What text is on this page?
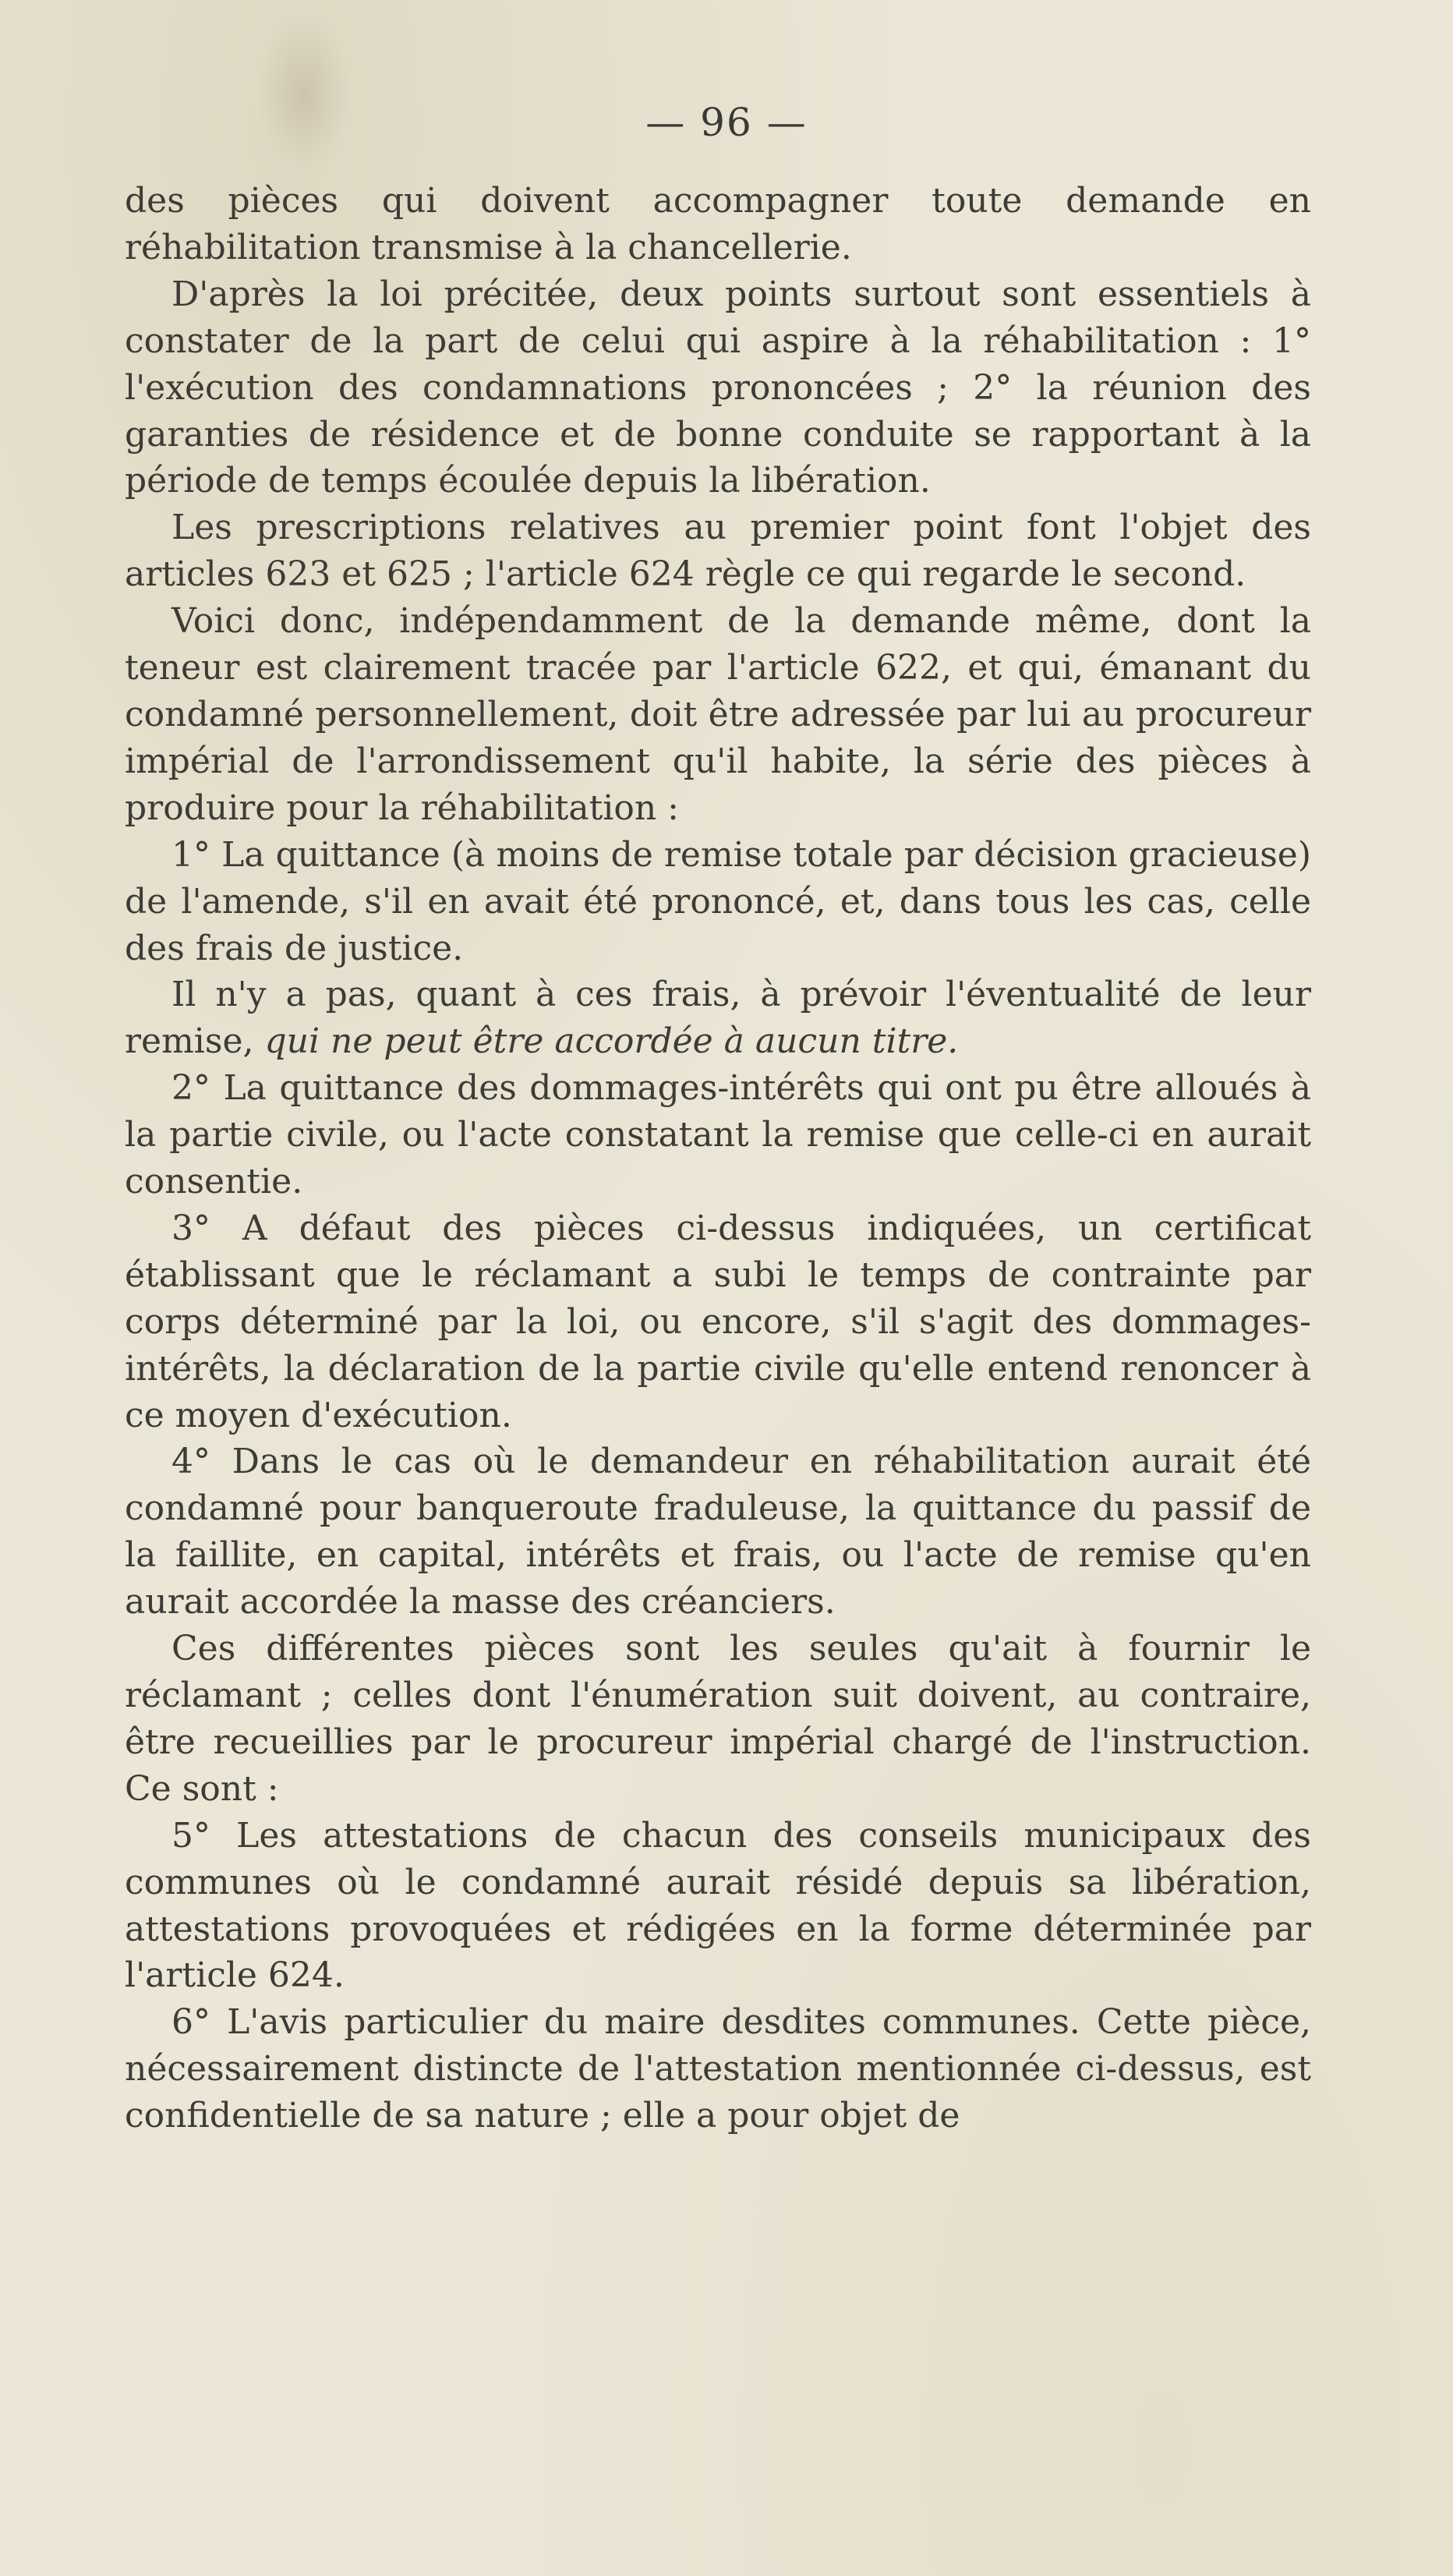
— 96 —

des pièces qui doivent accompagner toute demande en réhabilitation transmise à la chancellerie.

D'après la loi précitée, deux points surtout sont essentiels à constater de la part de celui qui aspire à la réhabilitation : 1° l'exécution des condamnations prononcées ; 2° la réunion des garanties de résidence et de bonne conduite se rapportant à la période de temps écoulée depuis la libération.

Les prescriptions relatives au premier point font l'objet des articles 623 et 625 ; l'article 624 règle ce qui regarde le second.

Voici donc, indépendamment de la demande même, dont la teneur est clairement tracée par l'article 622, et qui, émanant du condamné personnellement, doit être adressée par lui au procureur impérial de l'arrondissement qu'il habite, la série des pièces à produire pour la réhabilitation :

1° La quittance (à moins de remise totale par décision gracieuse) de l'amende, s'il en avait été prononcé, et, dans tous les cas, celle des frais de justice.

Il n'y a pas, quant à ces frais, à prévoir l'éventualité de leur remise, qui ne peut être accordée à aucun titre.

2° La quittance des dommages-intérêts qui ont pu être alloués à la partie civile, ou l'acte constatant la remise que celle-ci en aurait consentie.

3° A défaut des pièces ci-dessus indiquées, un certificat établissant que le réclamant a subi le temps de contrainte par corps déterminé par la loi, ou encore, s'il s'agit des dommages-intérêts, la déclaration de la partie civile qu'elle entend renoncer à ce moyen d'exécution.

4° Dans le cas où le demandeur en réhabilitation aurait été condamné pour banqueroute fraduleuse, la quittance du passif de la faillite, en capital, intérêts et frais, ou l'acte de remise qu'en aurait accordée la masse des créanciers.

Ces différentes pièces sont les seules qu'ait à fournir le réclamant ; celles dont l'énumération suit doivent, au contraire, être recueillies par le procureur impérial chargé de l'instruction. Ce sont :

5° Les attestations de chacun des conseils municipaux des communes où le condamné aurait résidé depuis sa libération, attestations provoquées et rédigées en la forme déterminée par l'article 624.

6° L'avis particulier du maire desdites communes. Cette pièce, nécessairement distincte de l'attestation mentionnée ci-dessus, est confidentielle de sa nature ; elle a pour objet de
